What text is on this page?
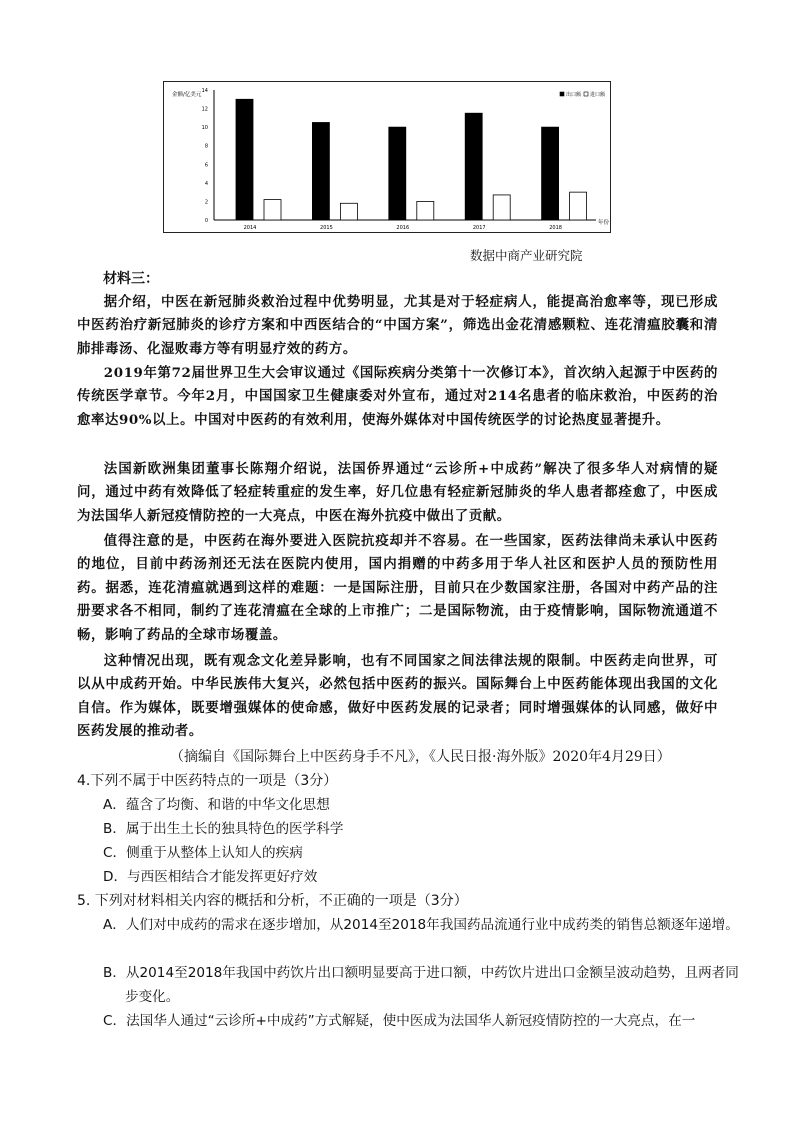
0
2
4
6
8
10
12
14
金额/亿美元
年份
2014	2015	2016	2017	2018
出口额 进口额
数据中商产业研究院
材料三：

据介绍，中医在新冠肺炎救治过程中优势明显，尤其是对于轻症病人，能提高治愈率等，现已形成中医药治疗新冠肺炎的诊疗方案和中西医结合的“中国方案”，筛选出金花清感颗粒、连花清瘟胶囊和清肺排毒汤、化湿败毒方等有明显疗效的药方。

2019年第72届世界卫生大会审议通过《国际疾病分类第十一次修订本》，首次纳入起源于中医药的传统医学章节。今年2月，中国国家卫生健康委对外宣布，通过对214名患者的临床救治，中医药的治愈率达90%以上。中国对中医药的有效利用，使海外媒体对中国传统医学的讨论热度显著提升。

法国新欧洲集团董事长陈翔介绍说，法国侨界通过“云诊所+中成药”解决了很多华人对病情的疑问，通过中药有效降低了轻症转重症的发生率，好几位患有轻症新冠肺炎的华人患者都痊愈了，中医成为法国华人新冠疫情防控的一大亮点，中医在海外抗疫中做出了贡献。

值得注意的是，中医药在海外要进入医院抗疫却并不容易。在一些国家，医药法律尚未承认中医药的地位，目前中药汤剂还无法在医院内使用，国内捐赠的中药多用于华人社区和医护人员的预防性用药。据悉，连花清瘟就遇到这样的难题：一是国际注册，目前只在少数国家注册，各国对中药产品的注册要求各不相同，制约了连花清瘟在全球的上市推广；二是国际物流，由于疫情影响，国际物流通道不畅，影响了药品的全球市场覆盖。

这种情况出现，既有观念文化差异影响，也有不同国家之间法律法规的限制。中医药走向世界，可以从中成药开始。中华民族伟大复兴，必然包括中医药的振兴。国际舞台上中医药能体现出我国的文化自信。作为媒体，既要增强媒体的使命感，做好中医药发展的记录者；同时增强媒体的认同感，做好中医药发展的推动者。

（摘编自《国际舞台上中医药身手不凡》，《人民日报·海外版》2020年4月29日）
4.下列不属于中医药特点的一项是（3分）
A．蕴含了均衡、和谐的中华文化思想
B．属于出生土长的独具特色的医学科学
C．侧重于从整体上认知人的疾病
D．与西医相结合才能发挥更好疗效
5. 下列对材料相关内容的概括和分析，不正确的一项是（3分）
A．人们对中成药的需求在逐步增加，从2014至2018年我国药品流通行业中成药类的销售总额逐年递增。
B．从2014至2018年我国中药饮片出口额明显要高于进口额，中药饮片进出口金额呈波动趋势，且两者同步变化。
C．法国华人通过“云诊所+中成药”方式解疑，使中医成为法国华人新冠疫情防控的一大亮点，在一
